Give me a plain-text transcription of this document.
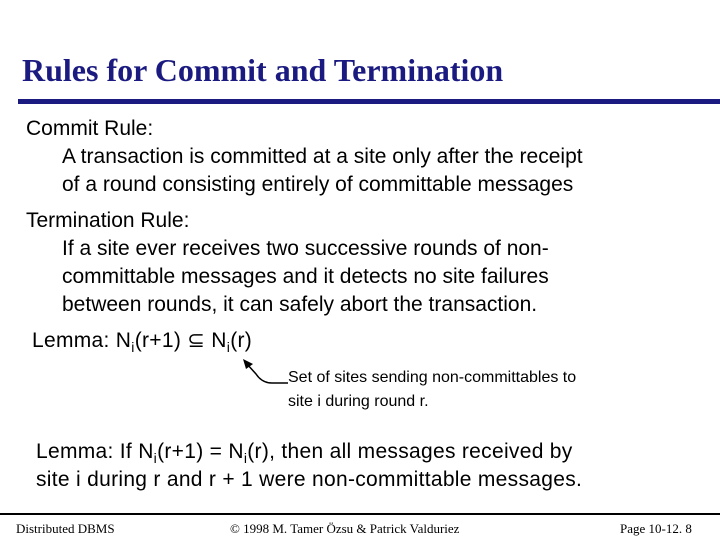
Rules for Commit and Termination
Commit Rule:
A transaction is committed at a site only after the receipt
of a round consisting entirely of committable messages
Termination Rule:
If a site ever receives two successive rounds of non-
committable messages and it detects no site failures
between rounds, it can safely abort the transaction.
Lemma: $N_i(r+1)$ ⊆ $N_i(r)$
Set of sites sending non-committables to
site i during round r.
Lemma: If $N_i(r+1) = N_i(r)$, then all messages received by
site i during r and r + 1 were non-committable messages.
Distributed DBMS	© 1998 M. Tamer Özsu & Patrick Valduriez	Page 10-12. 8
